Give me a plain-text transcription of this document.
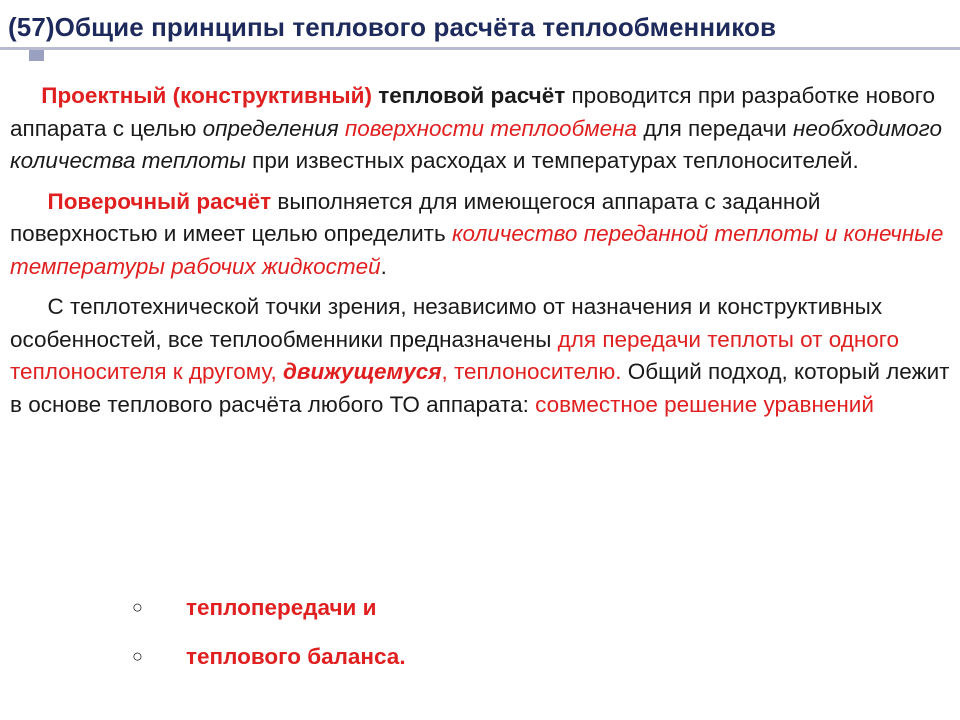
(57)Общие принципы теплового расчёта теплообменников

Проектный (конструктивный) тепловой расчёт проводится при разработке нового аппарата с целью определения поверхности теплообмена для передачи необходимого количества теплоты при известных расходах и температурах теплоносителей.

Поверочный расчёт выполняется для имеющегося аппарата с заданной поверхностью и имеет целью определить количество переданной теплоты и конечные температуры рабочих жидкостей.

С теплотехнической точки зрения, независимо от назначения и конструктивных особенностей, все теплообменники предназначены для передачи теплоты от одного теплоносителя к другому, движущемуся, теплоносителю. Общий подход, который лежит в основе теплового расчёта любого ТО аппарата: совместное решение уравнений

○ теплопередачи и
○ теплового баланса.
